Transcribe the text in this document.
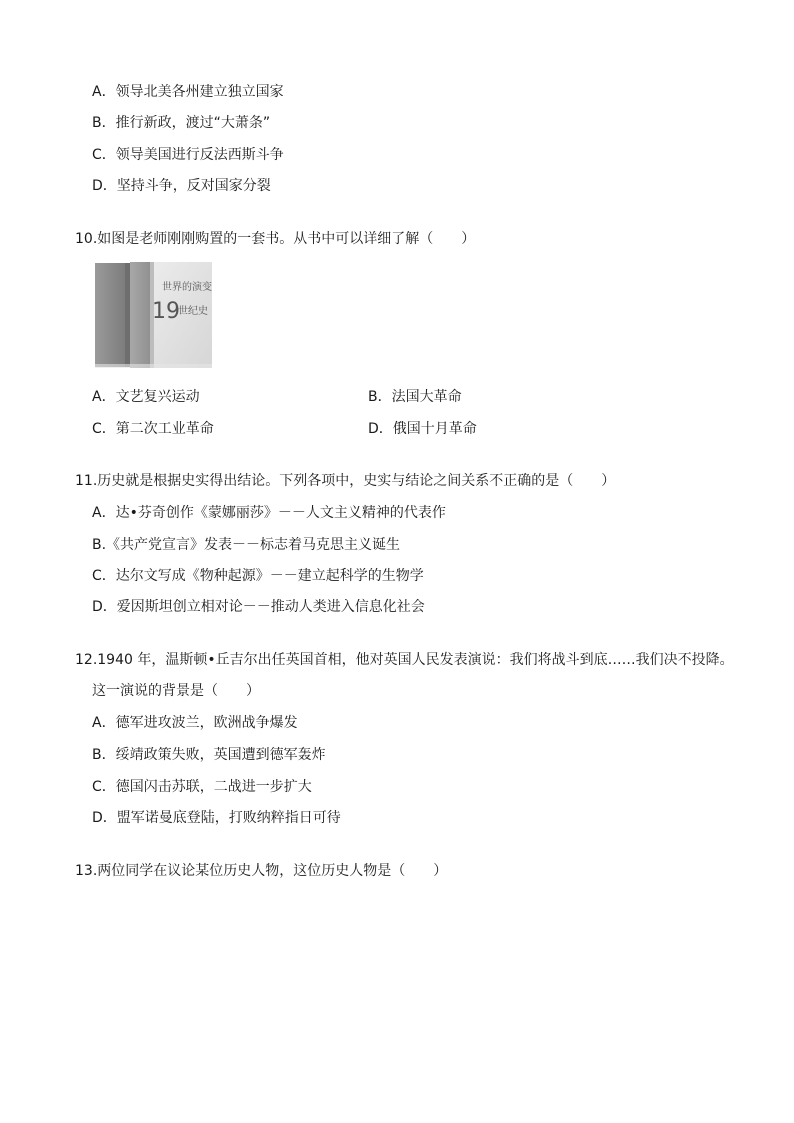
A．领导北美各州建立独立国家
B．推行新政，渡过“大萧条”
C．领导美国进行反法西斯斗争
D．坚持斗争，反对国家分裂
10.如图是老师刚刚购置的一套书。从书中可以详细了解（　　）
世界的演变
19
世纪史
A．文艺复兴运动	B．法国大革命
C．第二次工业革命	D．俄国十月革命
11.历史就是根据史实得出结论。下列各项中，史实与结论之间关系不正确的是（　　）
A．达•芬奇创作《蒙娜丽莎》－－人文主义精神的代表作
B.《共产党宣言》发表－－标志着马克思主义诞生
C．达尔文写成《物种起源》－－建立起科学的生物学
D．爱因斯坦创立相对论－－推动人类进入信息化社会
12.1940 年，温斯顿•丘吉尔出任英国首相，他对英国人民发表演说：我们将战斗到底……我们决不投降。
这一演说的背景是（　　）
A．德军进攻波兰，欧洲战争爆发
B．绥靖政策失败，英国遭到德军轰炸
C．德国闪击苏联，二战进一步扩大
D．盟军诺曼底登陆，打败纳粹指日可待
13.两位同学在议论某位历史人物，这位历史人物是（　　）
